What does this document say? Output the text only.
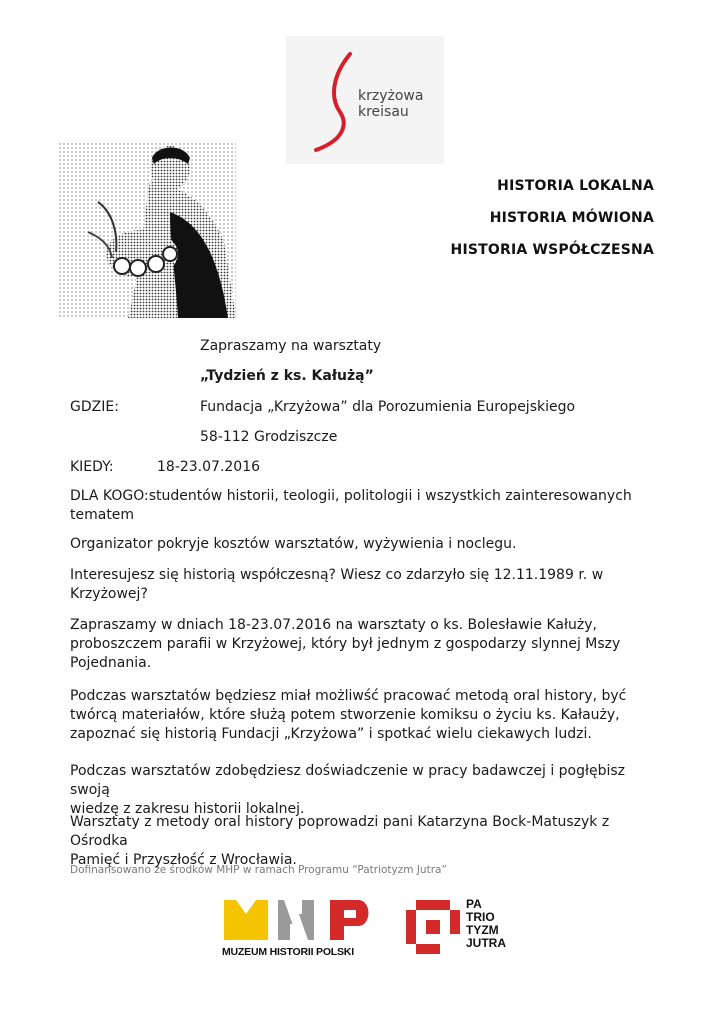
krzyżowa
kreisau
HISTORIA LOKALNA
HISTORIA MÓWIONA
HISTORIA WSPÓŁCZESNA
Zapraszamy na warsztaty
„Tydzień z ks. Kałużą”
GDZIE:	Fundacja „Krzyżowa” dla Porozumienia Europejskiego
58-112 Grodziszcze
KIEDY:	18-23.07.2016
DLA KOGO:studentów historii, teologii, politologii i wszystkich zainteresowanych
tematem
Organizator pokryje kosztów warsztatów, wyżywienia i noclegu.
Interesujesz się historią współczesną? Wiesz co zdarzyło się 12.11.1989 r. w
Krzyżowej?
Zapraszamy w dniach 18-23.07.2016 na warsztaty o ks. Bolesławie Kałuży,
proboszczem parafii w Krzyżowej, który był jednym z gospodarzy slynnej Mszy
Pojednania.
Podczas warsztatów będziesz miał możliwść pracować metodą oral history, być
twórcą materiałów, które służą potem stworzenie komiksu o życiu ks. Kałauży,
zapoznać się historią Fundacji „Krzyżowa” i spotkać wielu ciekawych ludzi.
Podczas warsztatów zdobędziesz doświadczenie w pracy badawczej i pogłębisz swoją
wiedzę z zakresu historii lokalnej.
Warsztaty z metody oral history poprowadzi pani Katarzyna Bock-Matuszyk z Ośrodka
Pamięć i Przyszłość z Wrocławia.
Dofinansowano ze środków MHP w ramach Programu “Patriotyzm Jutra”
MUZEUM HISTORII POLSKI
PA
TRIO
TYZM
JUTRA
